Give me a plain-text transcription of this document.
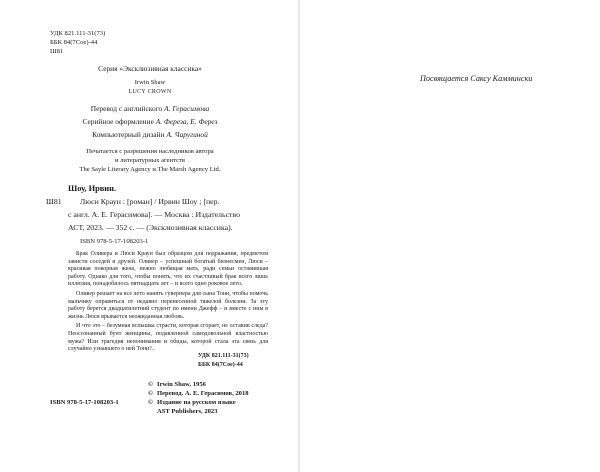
УДК 821.111-31(73)
ББК 84(7Сое)-44
Ш81
Серия «Эксклюзивная классика»
Irwin Shaw
LUCY CROWN
Перевод с английского А. Герасимова
Серийное оформление А. Фереза, Е. Ферез
Компьютерный дизайн А. Чаругиной
Печатается с разрешения наследников автора
и литературных агентств
The Sayle Literary Agency и The Marsh Agency Ltd.
Шоу, Ирвин.
Ш81 Люси Краун : [роман] / Ирвин Шоу ; [пер.
с англ. А. Е. Герасимова]. — Москва : Издательство
АСТ, 2023. — 352 с. — (Эксклюзивная классика).
ISBN 978-5-17-108203-1

Брак Оливера и Люси Краун был образцом для подражания, предметом зависти соседей и друзей. Оливер – успешный богатый бизнесмен, Люси – красивая покорная жена, нежно любящая мать, ради семьи оставившая работу. Однако для того, чтобы понять, что их счастливый брак всего лишь иллюзия, понадобилось пятнадцать лет – и всего одно роковое лето.

Оливер решает на все лето нанять гувернера для сына Тони, чтобы помочь мальчику оправиться от недавно перенесенной тяжелой болезни. За эту работу берется двадцатилетний студент по имени Джефф – и вместе с ним в жизнь Люси врывается неожиданная любовь.

И что это – безумная вспышка страсти, которая сгорает, не оставив следа? Неосознанный бунт женщины, подавленной самодовольной властностью мужа? Или трагедия непонимания и обиды, которой стала эта связь для случайно узнавшего о ней Тони?..

УДК 821.111-31(73)
ББК 84(7Сое)-44
© Irwin Shaw, 1956
© Перевод. А. Е. Герасимов, 2018
© Издание на русском языке
AST Publishers, 2023
ISBN 978-5-17-108203-1
Посвящается Саксу Каммински
